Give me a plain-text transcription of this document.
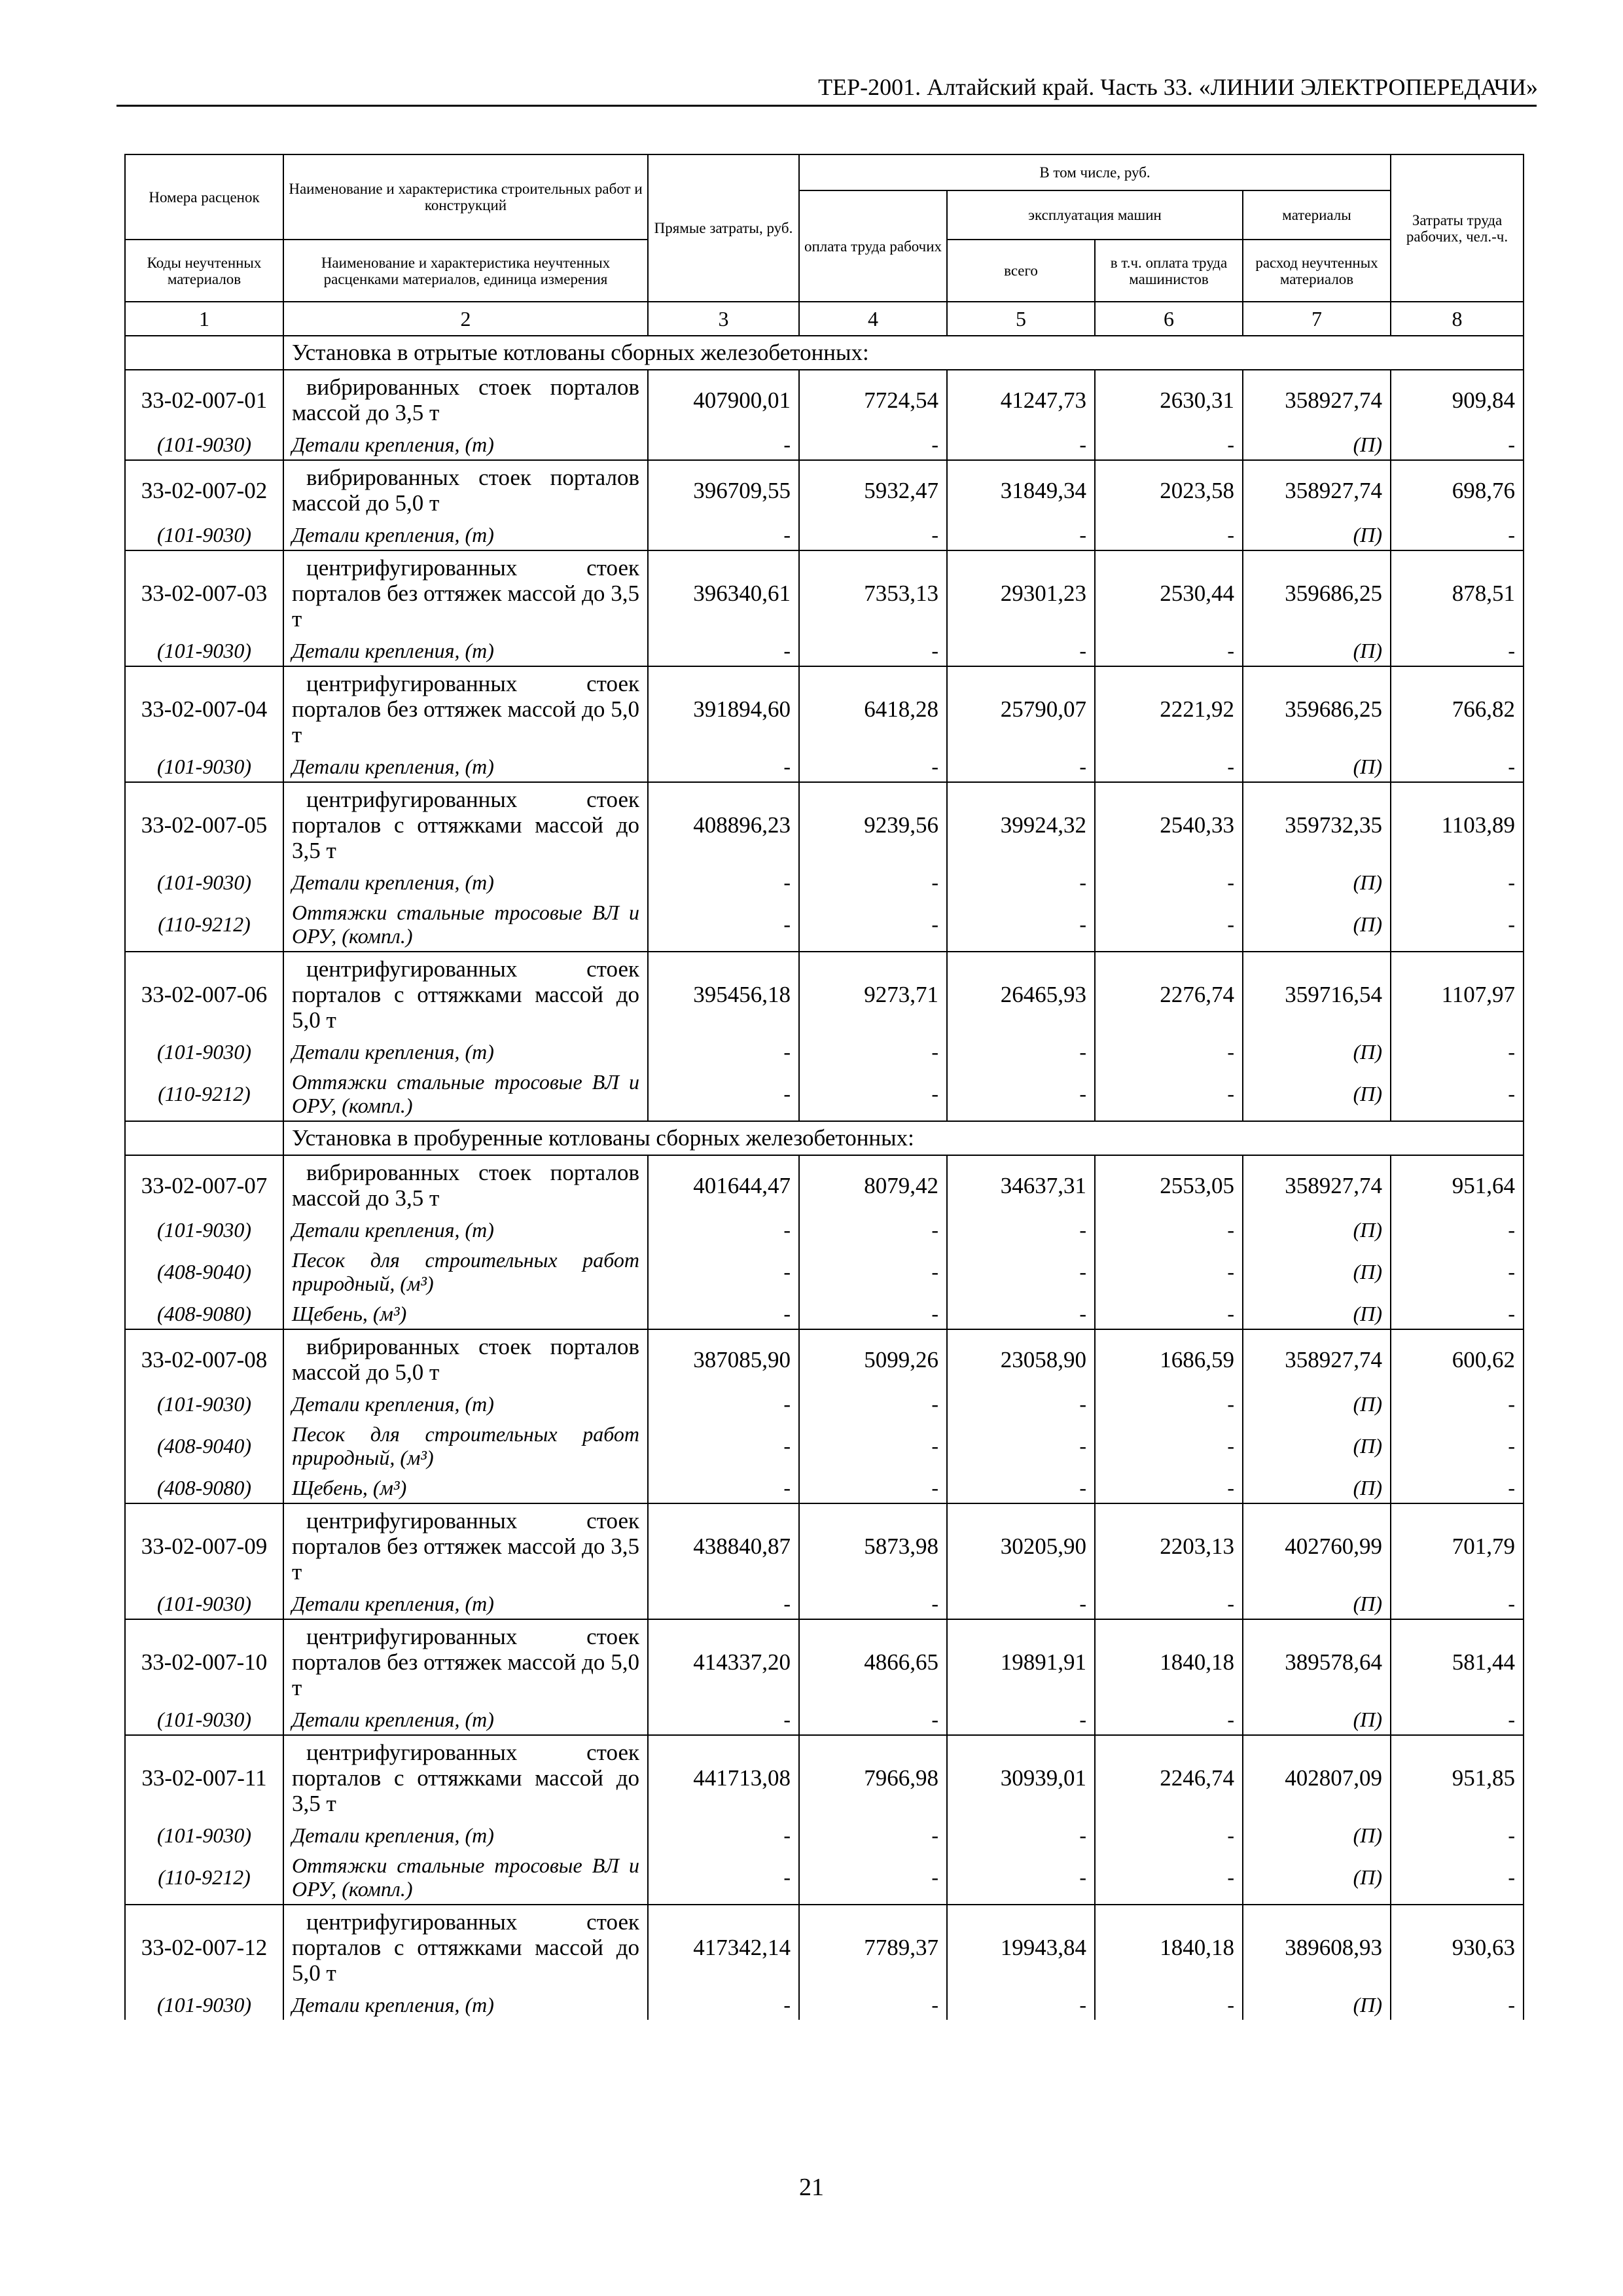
ТЕР-2001. Алтайский край. Часть 33. «ЛИНИИ ЭЛЕКТРОПЕРЕДАЧИ»
Номера расценок	Наименование и характеристика строительных работ и конструкций	Прямые затраты, руб.	В том числе, руб.				Затраты труда рабочих, чел.-ч.
			оплата труда рабочих	эксплуатация машин		материалы	
Коды неучтенных материалов	Наименование и характеристика неучтенных расценками материалов, единица измерения			всего	в т.ч. оплата труда машинистов	расход неучтенных материалов	
1	2	3	4	5	6	7	8
	Установка в отрытые котлованы сборных железобетонных:						
33-02-007-01	вибрированных стоек порталов массой до 3,5 т	407900,01	7724,54	41247,73	2630,31	358927,74	909,84
(101-9030)	Детали крепления, (т)	-	-	-	-	(П)	-
33-02-007-02	вибрированных стоек порталов массой до 5,0 т	396709,55	5932,47	31849,34	2023,58	358927,74	698,76
(101-9030)	Детали крепления, (т)	-	-	-	-	(П)	-
33-02-007-03	центрифугированных стоек порталов без оттяжек массой до 3,5 т	396340,61	7353,13	29301,23	2530,44	359686,25	878,51
(101-9030)	Детали крепления, (т)	-	-	-	-	(П)	-
33-02-007-04	центрифугированных стоек порталов без оттяжек массой до 5,0 т	391894,60	6418,28	25790,07	2221,92	359686,25	766,82
(101-9030)	Детали крепления, (т)	-	-	-	-	(П)	-
33-02-007-05	центрифугированных стоек порталов с оттяжками массой до 3,5 т	408896,23	9239,56	39924,32	2540,33	359732,35	1103,89
(101-9030)	Детали крепления, (т)	-	-	-	-	(П)	-
(110-9212)	Оттяжки стальные тросовые ВЛ и ОРУ, (компл.)	-	-	-	-	(П)	-
33-02-007-06	центрифугированных стоек порталов с оттяжками массой до 5,0 т	395456,18	9273,71	26465,93	2276,74	359716,54	1107,97
(101-9030)	Детали крепления, (т)	-	-	-	-	(П)	-
(110-9212)	Оттяжки стальные тросовые ВЛ и ОРУ, (компл.)	-	-	-	-	(П)	-
	Установка в пробуренные котлованы сборных железобетонных:						
33-02-007-07	вибрированных стоек порталов массой до 3,5 т	401644,47	8079,42	34637,31	2553,05	358927,74	951,64
(101-9030)	Детали крепления, (т)	-	-	-	-	(П)	-
(408-9040)	Песок для строительных работ природный, (м³)	-	-	-	-	(П)	-
(408-9080)	Щебень, (м³)	-	-	-	-	(П)	-
33-02-007-08	вибрированных стоек порталов массой до 5,0 т	387085,90	5099,26	23058,90	1686,59	358927,74	600,62
(101-9030)	Детали крепления, (т)	-	-	-	-	(П)	-
(408-9040)	Песок для строительных работ природный, (м³)	-	-	-	-	(П)	-
(408-9080)	Щебень, (м³)	-	-	-	-	(П)	-
33-02-007-09	центрифугированных стоек порталов без оттяжек массой до 3,5 т	438840,87	5873,98	30205,90	2203,13	402760,99	701,79
(101-9030)	Детали крепления, (т)	-	-	-	-	(П)	-
33-02-007-10	центрифугированных стоек порталов без оттяжек массой до 5,0 т	414337,20	4866,65	19891,91	1840,18	389578,64	581,44
(101-9030)	Детали крепления, (т)	-	-	-	-	(П)	-
33-02-007-11	центрифугированных стоек порталов с оттяжками массой до 3,5 т	441713,08	7966,98	30939,01	2246,74	402807,09	951,85
(101-9030)	Детали крепления, (т)	-	-	-	-	(П)	-
(110-9212)	Оттяжки стальные тросовые ВЛ и ОРУ, (компл.)	-	-	-	-	(П)	-
33-02-007-12	центрифугированных стоек порталов с оттяжками массой до 5,0 т	417342,14	7789,37	19943,84	1840,18	389608,93	930,63
(101-9030)	Детали крепления, (т)	-	-	-	-	(П)	-
21
